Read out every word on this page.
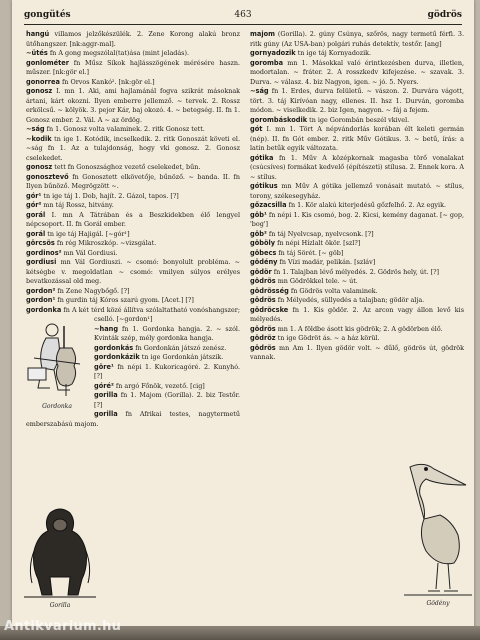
gongütés	463	gödrös

hangú villamos jelzőkészülék. 2. Zene Korong alakú bronz ütőhangszer. [nk:aggr-mal].

~ütés fn A gong megszólal(tat)ása (mint jeladás).

gonlométer fn Műsz Síkok hajlásszögének mérésére haszn. műszer. [nk:gör el.]

gonorrea fn Orvos Kankó². [nk:gör el.]

gonosz I. mn 1. Aki, ami hajlamánál fogva szikrát másoknak ártani, kárt okozni. Ilyen emberre jellemző. ~ tervek. 2. Rossz erkölcsű. ~ kölyök. 3. pejor Kár, baj okozó. 4. ~ betegség. II. fn 1. Gonosz ember. 2. Vál. A ~ az ördög.

~ság fn 1. Gonosz volta valaminek. 2. ritk Gonosz tett.

~kodik tn ige 1. Kotódik, incselkedik. 2. ritk Gonoszát követi el. ~ság fn 1. Az a tulajdonság, hogy vki gonosz. 2. Gonosz cselekedet.

gonosz tett fn Gonoszsághoz vezető cselekedet, bűn.

gonosztevő fn Gonosztett elkövetője, bűnöző. ~ banda. II. fn Ilyen bűnöző. Megrögzött ~.

gór¹ tn ige táj 1. Dob, hajít. 2. Gázol, tapos. [?]

gór² mn táj Rossz, hitvány.

gorál I. mn A Tátrában és a Beszkidekben élő lengyel népcsoport. II. fn Gorál ember.

gorál tn ige táj Hajigál. [~gór¹]

görcsös fn rég Mikroszkóp. ~vizsgálat.

gordinos² mn Vál Gordiusi.

gordiusi mn Vál Gordiuszi. ~ csomó: bonyolult probléma. ~ kétségbe v. megoldatlan ~ csomó: vmilyen súlyos erélyes bevatkozással old meg.

gordon² fn Zene Nagybőgő. [?]

gordon¹ fn gurdin táj Kóros szarú gyom. [Acet.] [?]

gordonka fn A két térd közé állítva szólaltatható vonóshangszer; cselló. [~gordon¹]

~hang fn 1. Gordonka hangja. 2. ~ szól. Kvinták szép, mély gordonka hangja.

gordonkás fn Gordonkán játszó zenész.

gordonkázik tn ige Gordonkán játszik.

göre¹ fn népi 1. Kukoricagóré. 2. Kunyhó. [?]

góré² fn argó Főnök, vezető. [cig]

gorilla fn 1. Majom (Gorilla). 2. biz Testőr. [?]

gorilla fn Afrikai testes, nagytermetű emberszabású majom.

majom (Gorilla). 2. gúny Csúnya, szőrös, nagy termetű férfi. 3. ritk gúny (Az USA-ban) polgári ruhás detektív, testőr. [ang]

gornyadozik tn ige táj Kornyadozik.

goromba mn 1. Másokkal való érintkezésben durva, illetlen, modortalan. ~ fráter. 2. A rosszkedv kifejezése. ~ szavak. 3. Durva. ~ válasz. 4. biz Nagyon, igen. ~ jó. 5. Nyers.

~ság fn 1. Erdes, durva felületű. ~ vászon. 2. Durvára vágott, tört. 3. táj Kirívóan nagy, ellenes. II. hsz 1. Durván, goromba módon. ~ viselkedik. 2. biz Igen, nagyon. ~ fáj a fejem.

gorombáskodik tn ige Gorombán beszél vkivel.

gót I. mn 1. Tört A népvándorlás korában élt keleti germán (nép). II. fn Gót ember. 2. ritk Műv Gótikus. 3. ~ betű, írás: a latin betűk egyik változata.

gótika fn 1. Műv A középkornak magasba törő vonalakat (csúcsíves) formákat kedvelő (építészeti) stílusa. 2. Ennek kora. A ~ stílus.

gótikus mn Műv A gótika jellemző vonásait mutató. ~ stílus, torony, székesegyház.

gőzacsilla fn 1. Kör alakú kiterjedésű gőzfelhő. 2. Az egyik.

göb¹ fn népi 1. Kis csomó, bog. 2. Kicsi, kemény daganat. [~ gop, 'bog']

göb² fn táj Nyelvcsap, nyelvcsonk. [?]

göböly fn népi Hízlalt ökör. [szl?]

göbecs fn táj Sörét. [~ göb]

gödény fn Vízi madár, pelikán. [szláv]

gödör fn 1. Talajban lévő mélyedés. 2. Gödrös hely, út. [?]

gödrös mn Gödrökkel tele. ~ út.

gödrösség fn Gödrös volta valaminek.

gödrös fn Mélyedés, süllyedés a talajban; gödör alja.

gödröcske fn 1. Kis gödör. 2. Az arcon vagy állon levő kis mélyedés.

gödrös mn 1. A földbe ásott kis gödrök; 2. A gödörben élő.

gödröz tn ige Gödröt ás. ~ a ház körül.

gödrös mn Am 1. Ilyen gödör volt. ~ dűlő, gödrös út, gödrök vannak.

Gordonka
Gorilla	Gödény
Antikvarium.hu
